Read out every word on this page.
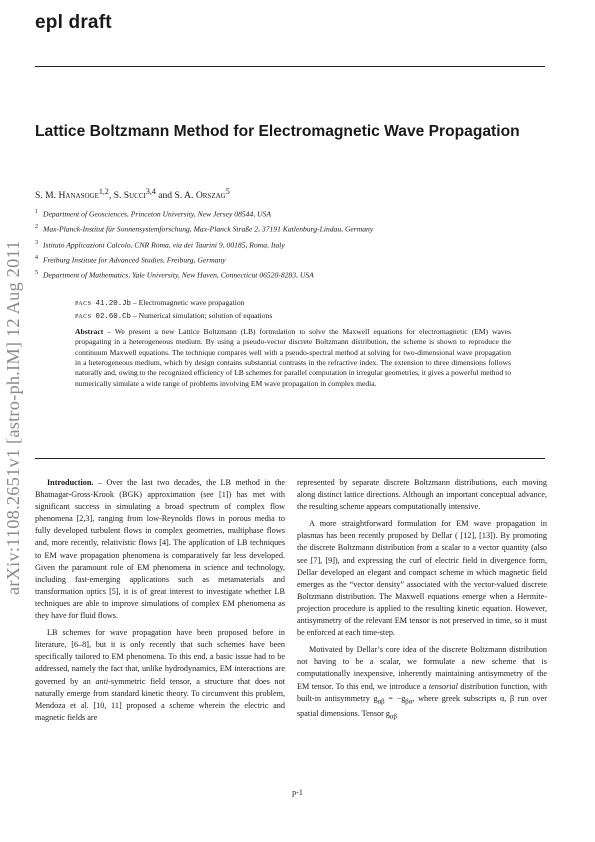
epl draft
Lattice Boltzmann Method for Electromagnetic Wave Propagation
S. M. Hanasoge$^{1,2}$, S. Succi$^{3,4}$ and S. A. Orszag$^5$
$^1$ Department of Geosciences, Princeton University, New Jersey 08544, USA
$^2$ Max-Planck-Institut für Sonnensystemforschung, Max-Planck Straße 2, 37191 Katlenburg-Lindau, Germany
$^3$ Istituto Applicazioni Calcolo, CNR Roma, via dei Taurini 9, 00185, Roma, Italy
$^4$ Freiburg Institute for Advanced Studies, Freiburg, Germany
$^5$ Department of Mathematics, Yale University, New Haven, Connecticut 06520-8283, USA
arXiv:1108.2651v1 [astro-ph.IM] 12 Aug 2011	PACS 41.20.Jb – Electromagnetic wave propagation
PACS 02.60.Cb – Numerical simulation; solution of equations
Abstract – We present a new Lattice Boltzmann (LB) formulation to solve the Maxwell equations for electromagnetic (EM) waves propagating in a heterogeneous medium. By using a pseudo-vector discrete Boltzmann distribution, the scheme is shown to reproduce the continuum Maxwell equations. The technique compares well with a pseudo-spectral method at solving for two-dimensional wave propagation in a heterogeneous medium, which by design contains substantial contrasts in the refractive index. The extension to three dimensions follows naturally and, owing to the recognized efficiency of LB schemes for parallel computation in irregular geometries, it gives a powerful method to numerically simulate a wide range of problems involving EM wave propagation in complex media.

Introduction. – Over the last two decades, the LB method in the Bhatnagar-Gross-Krook (BGK) approximation (see [1]) has met with significant success in simulating a broad spectrum of complex flow phenomena [2,3], ranging from low-Reynolds flows in porous media to fully developed turbulent flows in complex geometries, multiphase flows and, more recently, relativistic flows [4]. The application of LB techniques to EM wave propagation phenomena is comparatively far less developed. Given the paramount role of EM phenomena in science and technology, including fast-emerging applications such as metamaterials and transformation optics [5], it is of great interest to investigate whether LB techniques are able to improve simulations of complex EM phenomena as they have for fluid flows.

LB schemes for wave propagation have been proposed before in literature, [6–8], but it is only recently that such schemes have been specifically tailored to EM phenomena. To this end, a basic issue had to be addressed, namely the fact that, unlike hydrodynamics, EM interactions are governed by an anti-symmetric field tensor, a structure that does not naturally emerge from standard kinetic theory. To circumvent this problem, Mendoza et al. [10, 11] proposed a scheme wherein the electric and magnetic fields are

represented by separate discrete Boltzmann distributions, each moving along distinct lattice directions. Although an important conceptual advance, the resulting scheme appears computationally intensive.

A more straightforward formulation for EM wave propagation in plasmas has been recently proposed by Dellar ( [12], [13]). By promoting the discrete Boltzmann distribution from a scalar to a vector quantity (also see [7], [9]), and expressing the curl of electric field in divergence form, Dellar developed an elegant and compact scheme in which magnetic field emerges as the “vector density” associated with the vector-valued discrete Boltzmann distribution. The Maxwell equations emerge when a Hermite-projection procedure is applied to the resulting kinetic equation. However, antisymmetry of the relevant EM tensor is not preserved in time, so it must be enforced at each time-step.

Motivated by Dellar’s core idea of the discrete Boltzmann distribution not having to be a scalar, we formulate a new scheme that is computationally inexpensive, inherently maintaining antisymmetry of the EM tensor. To this end, we introduce a tensorial distribution function, with built-in antisymmetry $g_{\alpha\beta} = -g_{\beta\alpha}$, where greek subscripts α, β run over spatial dimensions. Tensor $g_{\alpha\beta}$

p-1
